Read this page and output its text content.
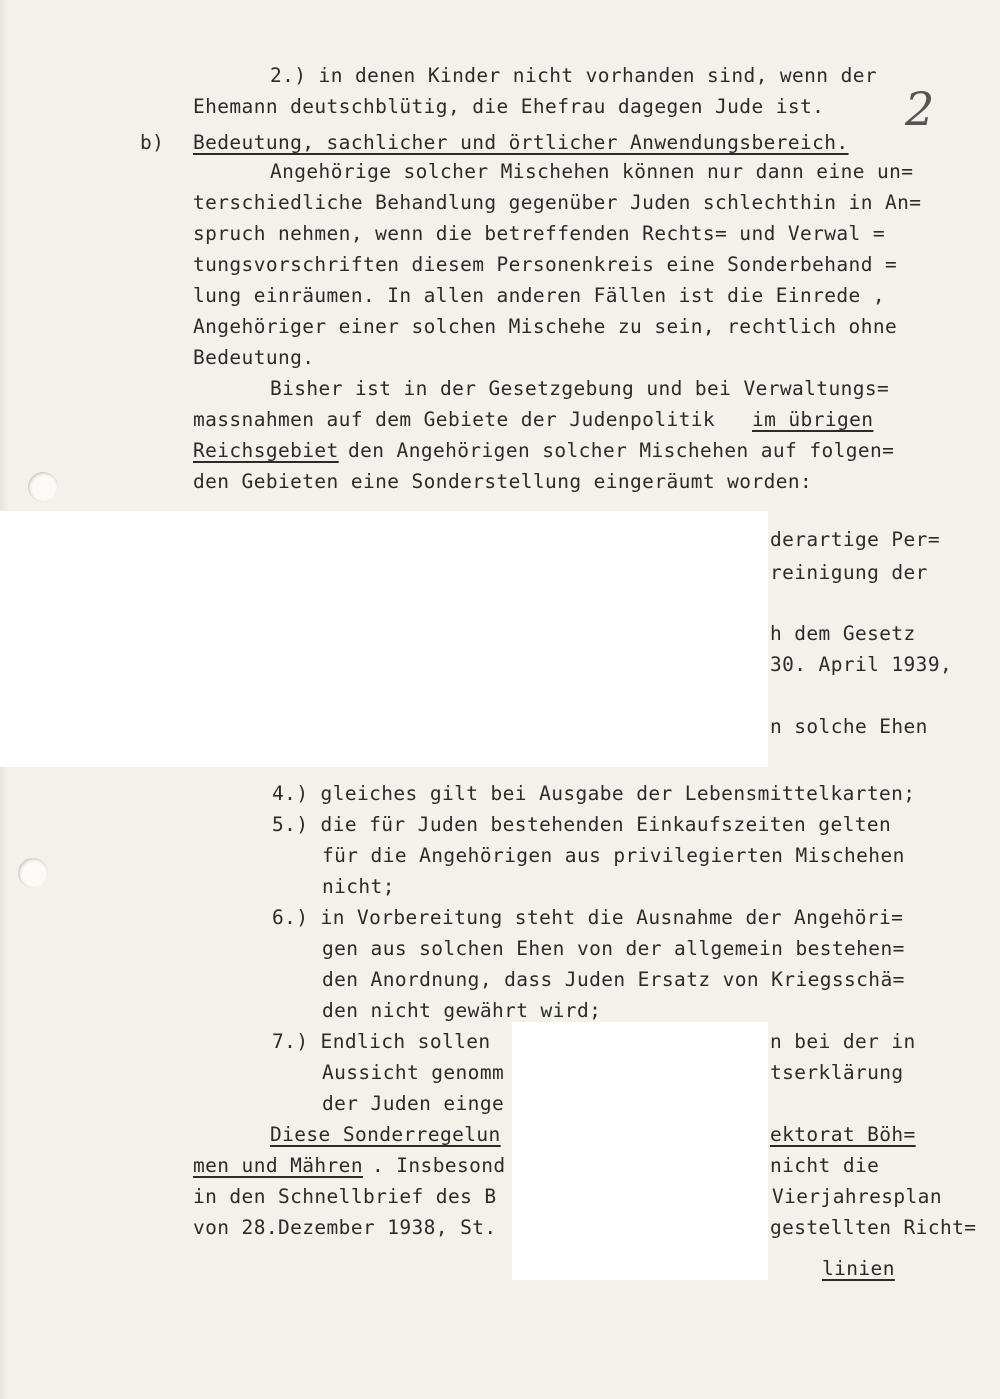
2
2.) in denen Kinder nicht vorhanden sind, wenn der
Ehemann deutschblütig, die Ehefrau dagegen Jude ist.
b) Bedeutung, sachlicher und örtlicher Anwendungsbereich.
Angehörige solcher Mischehen können nur dann eine un=
terschiedliche Behandlung gegenüber Juden schlechthin in An=
spruch nehmen, wenn die betreffenden Rechts= und Verwal =
tungsvorschriften diesem Personenkreis eine Sonderbehand =
lung einräumen. In allen anderen Fällen ist die Einrede ,
Angehöriger einer solchen Mischehe zu sein, rechtlich ohne
Bedeutung.
Bisher ist in der Gesetzgebung und bei Verwaltungs=
massnahmen auf dem Gebiete der Judenpolitik im übrigen
Reichsgebiet den Angehörigen solcher Mischehen auf folgen=
den Gebieten eine Sonderstellung eingeräumt worden:
derartige Per=
reinigung der
h dem Gesetz
30. April 1939,
n solche Ehen
4.) gleiches gilt bei Ausgabe der Lebensmittelkarten;
5.) die für Juden bestehenden Einkaufszeiten gelten
für die Angehörigen aus privilegierten Mischehen
nicht;
6.) in Vorbereitung steht die Ausnahme der Angehöri=
gen aus solchen Ehen von der allgemein bestehen=
den Anordnung, dass Juden Ersatz von Kriegsschä=
den nicht gewährt wird;
7.) Endlich sollen	n bei der in
Aussicht genomm	tserklärung
der Juden einge
Diese Sonderregelun	ektorat Böh=
men und Mähren . Insbesond	nicht die
in den Schnellbrief des B	Vierjahresplan
von 28.Dezember 1938, St.	gestellten Richt=
linien
